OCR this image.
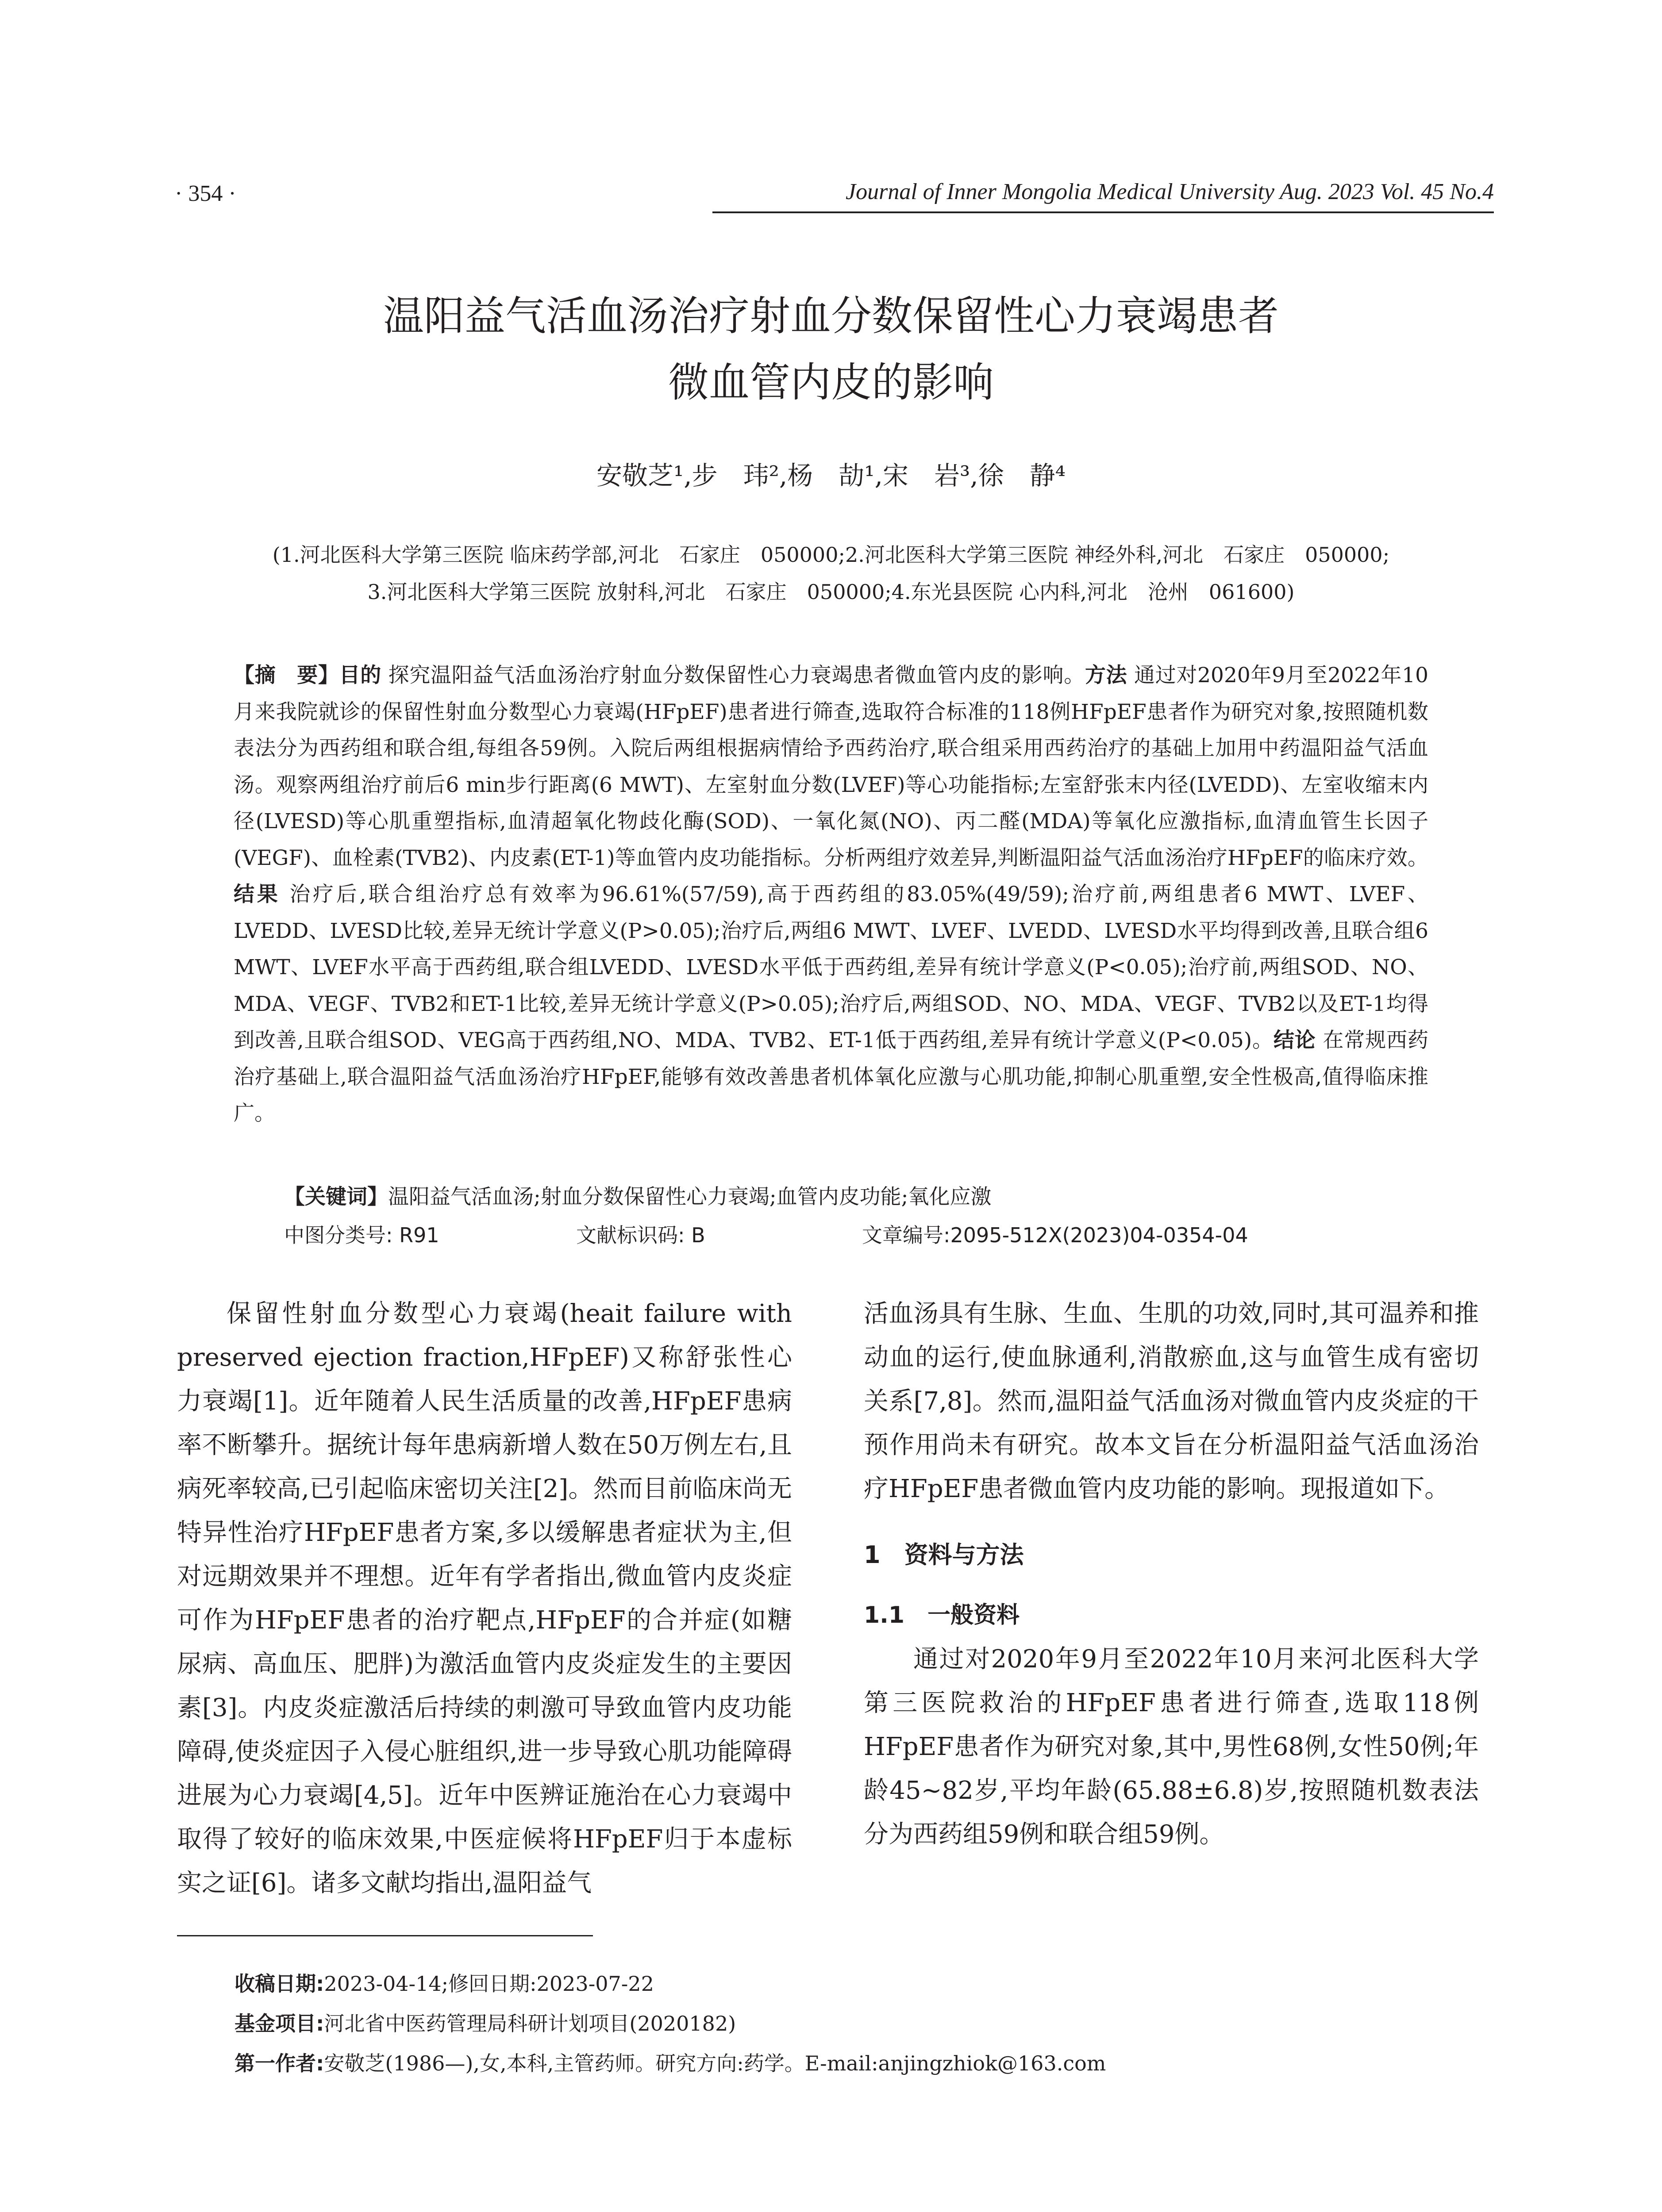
· 354 ·	Journal of Inner Mongolia Medical University Aug. 2023 Vol. 45 No.4
温阳益气活血汤治疗射血分数保留性心力衰竭患者
微血管内皮的影响
安敬芝¹,步　玮²,杨　劼¹,宋　岩³,徐　静⁴
(1.河北医科大学第三医院 临床药学部,河北　石家庄　050000;2.河北医科大学第三医院 神经外科,河北　石家庄　050000;
3.河北医科大学第三医院 放射科,河北　石家庄　050000;4.东光县医院 心内科,河北　沧州　061600)
【摘　要】目的 探究温阳益气活血汤治疗射血分数保留性心力衰竭患者微血管内皮的影响。方法 通过对2020年9月至2022年10月来我院就诊的保留性射血分数型心力衰竭(HFpEF)患者进行筛查,选取符合标准的118例HFpEF患者作为研究对象,按照随机数表法分为西药组和联合组,每组各59例。入院后两组根据病情给予西药治疗,联合组采用西药治疗的基础上加用中药温阳益气活血汤。观察两组治疗前后6 min步行距离(6 MWT)、左室射血分数(LVEF)等心功能指标;左室舒张末内径(LVEDD)、左室收缩末内径(LVESD)等心肌重塑指标,血清超氧化物歧化酶(SOD)、一氧化氮(NO)、丙二醛(MDA)等氧化应激指标,血清血管生长因子(VEGF)、血栓素(TVB2)、内皮素(ET-1)等血管内皮功能指标。分析两组疗效差异,判断温阳益气活血汤治疗HFpEF的临床疗效。结果 治疗后,联合组治疗总有效率为96.61%(57/59),高于西药组的83.05%(49/59);治疗前,两组患者6 MWT、LVEF、LVEDD、LVESD比较,差异无统计学意义(P>0.05);治疗后,两组6 MWT、LVEF、LVEDD、LVESD水平均得到改善,且联合组6 MWT、LVEF水平高于西药组,联合组LVEDD、LVESD水平低于西药组,差异有统计学意义(P<0.05);治疗前,两组SOD、NO、MDA、VEGF、TVB2和ET-1比较,差异无统计学意义(P>0.05);治疗后,两组SOD、NO、MDA、VEGF、TVB2以及ET-1均得到改善,且联合组SOD、VEG高于西药组,NO、MDA、TVB2、ET-1低于西药组,差异有统计学意义(P<0.05)。结论 在常规西药治疗基础上,联合温阳益气活血汤治疗HFpEF,能够有效改善患者机体氧化应激与心肌功能,抑制心肌重塑,安全性极高,值得临床推广。
【关键词】温阳益气活血汤;射血分数保留性心力衰竭;血管内皮功能;氧化应激
中图分类号: R91	文献标识码: B	文章编号:2095-512X(2023)04-0354-04

保留性射血分数型心力衰竭(heait failure with preserved ejection fraction,HFpEF)又称舒张性心力衰竭[1]。近年随着人民生活质量的改善,HFpEF患病率不断攀升。据统计每年患病新增人数在50万例左右,且病死率较高,已引起临床密切关注[2]。然而目前临床尚无特异性治疗HFpEF患者方案,多以缓解患者症状为主,但对远期效果并不理想。近年有学者指出,微血管内皮炎症可作为HFpEF患者的治疗靶点,HFpEF的合并症(如糖尿病、高血压、肥胖)为激活血管内皮炎症发生的主要因素[3]。内皮炎症激活后持续的刺激可导致血管内皮功能障碍,使炎症因子入侵心脏组织,进一步导致心肌功能障碍进展为心力衰竭[4,5]。近年中医辨证施治在心力衰竭中取得了较好的临床效果,中医症候将HFpEF归于本虚标实之证[6]。诸多文献均指出,温阳益气

活血汤具有生脉、生血、生肌的功效,同时,其可温养和推动血的运行,使血脉通利,消散瘀血,这与血管生成有密切关系[7,8]。然而,温阳益气活血汤对微血管内皮炎症的干预作用尚未有研究。故本文旨在分析温阳益气活血汤治疗HFpEF患者微血管内皮功能的影响。现报道如下。

1　资料与方法
1.1　一般资料

通过对2020年9月至2022年10月来河北医科大学第三医院救治的HFpEF患者进行筛查,选取118例HFpEF患者作为研究对象,其中,男性68例,女性50例;年龄45~82岁,平均年龄(65.88±6.8)岁,按照随机数表法分为西药组59例和联合组59例。

收稿日期:2023-04-14;修回日期:2023-07-22
基金项目:河北省中医药管理局科研计划项目(2020182)
第一作者:安敬芝(1986—),女,本科,主管药师。研究方向:药学。E-mail:anjingzhiok@163.com
